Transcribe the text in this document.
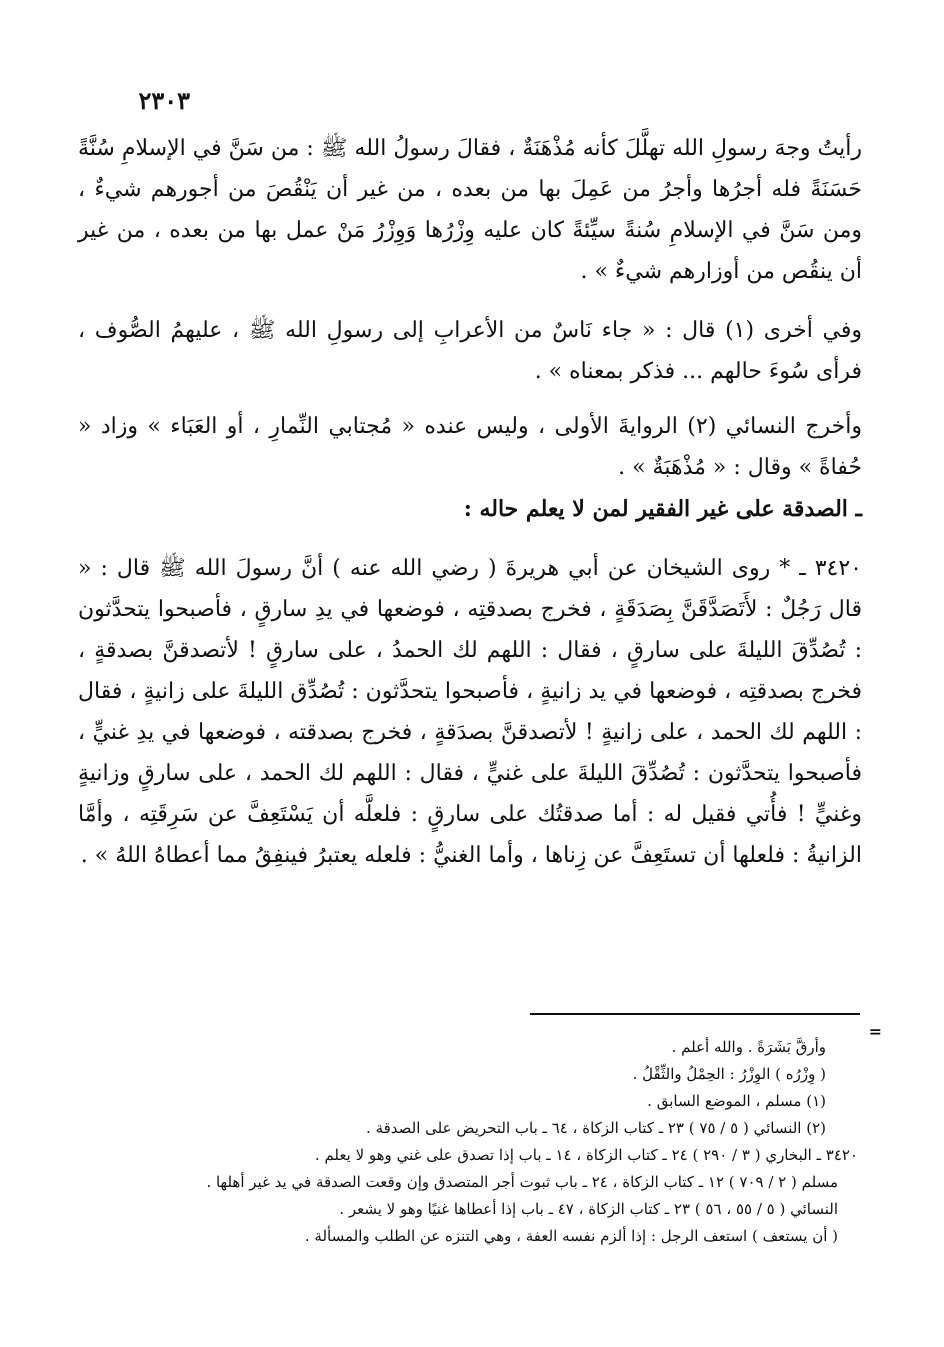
٢٣٠٣

رأيتُ وجهَ رسولِ الله تهلَّلَ كأنه مُذْهَنَةٌ ، فقالَ رسولُ الله ﷺ : من سَنَّ في الإسلامِ سُنَّةً حَسَنَةً فله أجرُها وأجرُ من عَمِلَ بها من بعده ، من غير أن يَنْقُصَ من أجورهم شيءٌ ، ومن سَنَّ في الإسلامِ سُنةً سيِّئةً كان عليه وِزْرُها وَوِزْرُ مَنْ عمل بها من بعده ، من غير أن ينقُص من أوزارهم شيءٌ » .

وفي أخرى (١) قال : « جاء نَاسٌ من الأعرابِ إلى رسولِ الله ﷺ ، عليهمُ الصُّوف ، فرأى سُوءَ حالهم ... فذكر بمعناه » .

وأخرج النسائي (٢) الروايةَ الأولى ، وليس عنده « مُجتابي النِّمارِ ، أو العَبَاء » وزاد « حُفاةً » وقال : « مُذْهَبَةٌ » .

ـ الصدقة على غير الفقير لمن لا يعلم حاله :

٣٤٢٠ ـ * روى الشيخان عن أبي هريرةَ ( رضي الله عنه ) أنَّ رسولَ الله ﷺ قال : « قال رَجُلٌ : لأَتَصَدَّقَنَّ بِصَدَقَةٍ ، فخرج بصدقتِه ، فوضعها في يدِ سارقٍ ، فأصبحوا يتحدَّثون : تُصُدِّقَ الليلةَ على سارقٍ ، فقال : اللهم لك الحمدُ ، على سارقٍ ! لأتصدقنَّ بصدقةٍ ، فخرج بصدقتِه ، فوضعها في يد زانيةٍ ، فأصبحوا يتحدَّثون : تُصُدِّق الليلةَ على زانيةٍ ، فقال : اللهم لك الحمد ، على زانيةٍ ! لأتصدقنَّ بصدَقةٍ ، فخرج بصدقته ، فوضعها في يدِ غنيٍّ ، فأصبحوا يتحدَّثون : تُصُدِّقَ الليلةَ على غنيٍّ ، فقال : اللهم لك الحمد ، على سارقٍ وزانيةٍ وغنيٍّ ! فأُتي فقيل له : أما صدقتُك على سارقٍ : فلعلَّه أن يَسْتَعِفَّ عن سَرِقَتِه ، وأمَّا الزانيةُ : فلعلها أن تستَعِفَّ عن زِناها ، وأما الغنيُّ : فلعله يعتبرُ فينفِقُ مما أعطاهُ اللهُ » .

=
وأرقَّ بَشَرَةً . والله أعلم .
( وِزْرُه ) الوِزْرُ : الحِمْلُ والثِّقْلُ .
(١) مسلم ، الموضع السابق .
(٢) النسائي ( ٥ / ٧٥ ) ٢٣ ـ كتاب الزكاة ، ٦٤ ـ باب التحريض على الصدقة .
٣٤٢٠ ـ البخاري ( ٣ / ٢٩٠ ) ٢٤ ـ كتاب الزكاة ، ١٤ ـ باب إذا تصدق على غني وهو لا يعلم .
مسلم ( ٢ / ٧٠٩ ) ١٢ ـ كتاب الزكاة ، ٢٤ ـ باب ثبوت أجر المتصدق وإن وقعت الصدقة في يد غير أهلها .
النسائي ( ٥ / ٥٥ ، ٥٦ ) ٢٣ ـ كتاب الزكاة ، ٤٧ ـ باب إذا أعطاها غنيًا وهو لا يشعر .
( أن يستعف ) استعف الرجل : إذا ألزم نفسه العفة ، وهي التنزه عن الطلب والمسألة .
